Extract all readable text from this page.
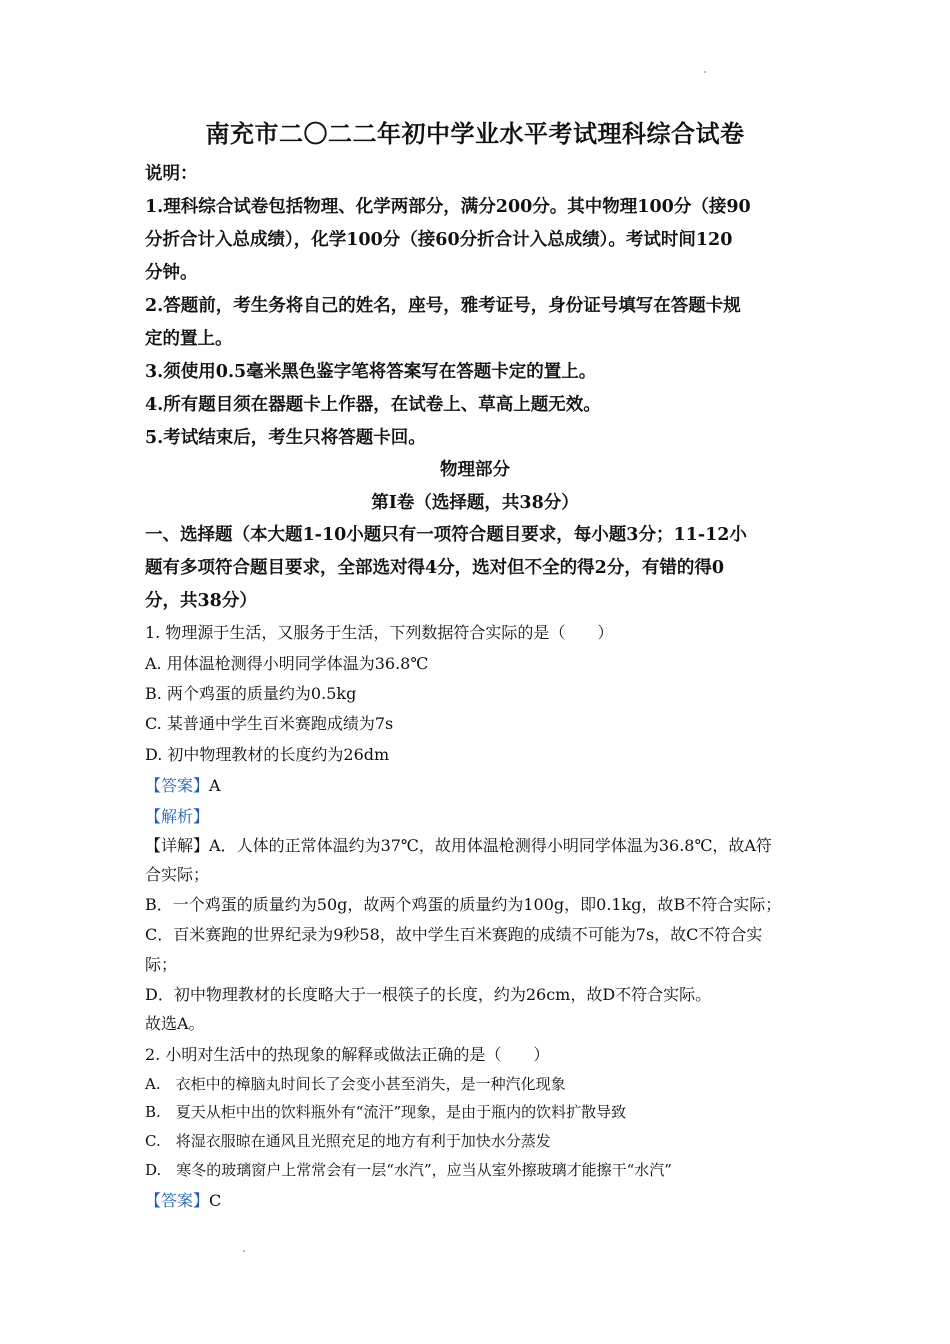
南充市二〇二二年初中学业水平考试理科综合试卷
说明：
1.理科综合试卷包括物理、化学两部分，满分200分。其中物理100分（接90
分折合计入总成绩），化学100分（接60分折合计入总成绩）。考试时间120
分钟。
2.答题前，考生务将自己的姓名，座号，雅考证号，身份证号填写在答题卡规
定的置上。
3.须使用0.5毫米黑色鉴字笔将答案写在答题卡定的置上。
4.所有题目须在器题卡上作器，在试卷上、草高上题无效。
5.考试结束后，考生只将答题卡回。
物理部分
第Ⅰ卷（选择题，共38分）
一、选择题（本大题1-10小题只有一项符合题目要求，每小题3分；11-12小
题有多项符合题目要求，全部选对得4分，选对但不全的得2分，有错的得0
分，共38分）
1. 物理源于生活，又服务于生活，下列数据符合实际的是（　　）
A. 用体温枪测得小明同学体温为36.8℃
B. 两个鸡蛋的质量约为0.5kg
C. 某普通中学生百米赛跑成绩为7s
D. 初中物理教材的长度约为26dm
【答案】A
【解析】
【详解】A．人体的正常体温约为37℃，故用体温枪测得小明同学体温为36.8℃，故A符
合实际；
B．一个鸡蛋的质量约为50g，故两个鸡蛋的质量约为100g，即0.1kg，故B不符合实际；
C．百米赛跑的世界纪录为9秒58，故中学生百米赛跑的成绩不可能为7s，故C不符合实
际；
D．初中物理教材的长度略大于一根筷子的长度，约为26cm，故D不符合实际。
故选A。
2. 小明对生活中的热现象的解释或做法正确的是（　　）
A.　衣柜中的樟脑丸时间长了会变小甚至消失，是一种汽化现象
B.　夏天从柜中出的饮料瓶外有“流汗”现象，是由于瓶内的饮料扩散导致
C.　将湿衣服晾在通风且光照充足的地方有利于加快水分蒸发
D.　寒冬的玻璃窗户上常常会有一层“水汽”，应当从室外擦玻璃才能擦干“水汽”
【答案】C
